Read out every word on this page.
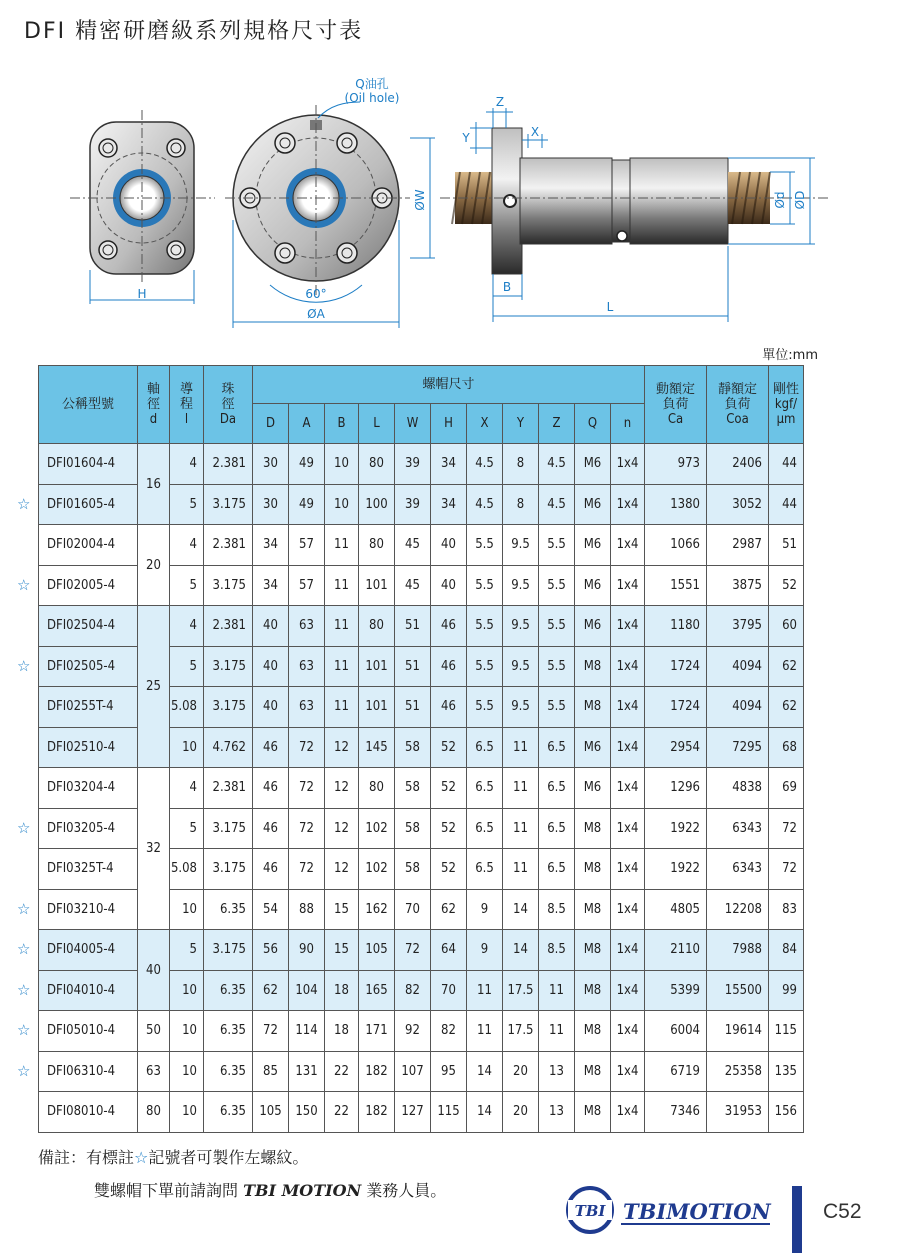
DFI 精密研磨級系列規格尺寸表
H
Q油孔
(Oil hole)
60°
ØA
ØW
Z
Y	X
B
L
Ød ØD
單位:mm
公稱型號	軸
徑
d	導
程
l	珠
徑
Da	螺帽尺寸											動額定
負荷
Ca	靜額定
負荷
Coa	剛性
kgf/
μm
				D	A	B	L	W	H	X	Y	Z	Q	n			
DFI01604-4	16	4	2.381	30	49	10	80	39	34	4.5	8	4.5	M6	1x4	973	2406	44
DFI01605-4		5	3.175	30	49	10	100	39	34	4.5	8	4.5	M6	1x4	1380	3052	44
DFI02004-4	20	4	2.381	34	57	11	80	45	40	5.5	9.5	5.5	M6	1x4	1066	2987	51
DFI02005-4		5	3.175	34	57	11	101	45	40	5.5	9.5	5.5	M6	1x4	1551	3875	52
DFI02504-4	25	4	2.381	40	63	11	80	51	46	5.5	9.5	5.5	M6	1x4	1180	3795	60
DFI02505-4		5	3.175	40	63	11	101	51	46	5.5	9.5	5.5	M8	1x4	1724	4094	62
DFI0255T-4		5.08	3.175	40	63	11	101	51	46	5.5	9.5	5.5	M8	1x4	1724	4094	62
DFI02510-4		10	4.762	46	72	12	145	58	52	6.5	11	6.5	M6	1x4	2954	7295	68
DFI03204-4	32	4	2.381	46	72	12	80	58	52	6.5	11	6.5	M6	1x4	1296	4838	69
DFI03205-4		5	3.175	46	72	12	102	58	52	6.5	11	6.5	M8	1x4	1922	6343	72
DFI0325T-4		5.08	3.175	46	72	12	102	58	52	6.5	11	6.5	M8	1x4	1922	6343	72
DFI03210-4		10	6.35	54	88	15	162	70	62	9	14	8.5	M8	1x4	4805	12208	83
DFI04005-4	40	5	3.175	56	90	15	105	72	64	9	14	8.5	M8	1x4	2110	7988	84
DFI04010-4		10	6.35	62	104	18	165	82	70	11	17.5	11	M8	1x4	5399	15500	99
DFI05010-4	50	10	6.35	72	114	18	171	92	82	11	17.5	11	M8	1x4	6004	19614	115
DFI06310-4	63	10	6.35	85	131	22	182	107	95	14	20	13	M8	1x4	6719	25358	135
DFI08010-4	80	10	6.35	105	150	22	182	127	115	14	20	13	M8	1x4	7346	31953	156
☆
☆
☆
☆
☆
☆
☆
☆
☆
備註：有標註☆記號者可製作左螺紋。
雙螺帽下單前請詢問 TBI MOTION 業務人員。
TBI TBIMOTION C52
